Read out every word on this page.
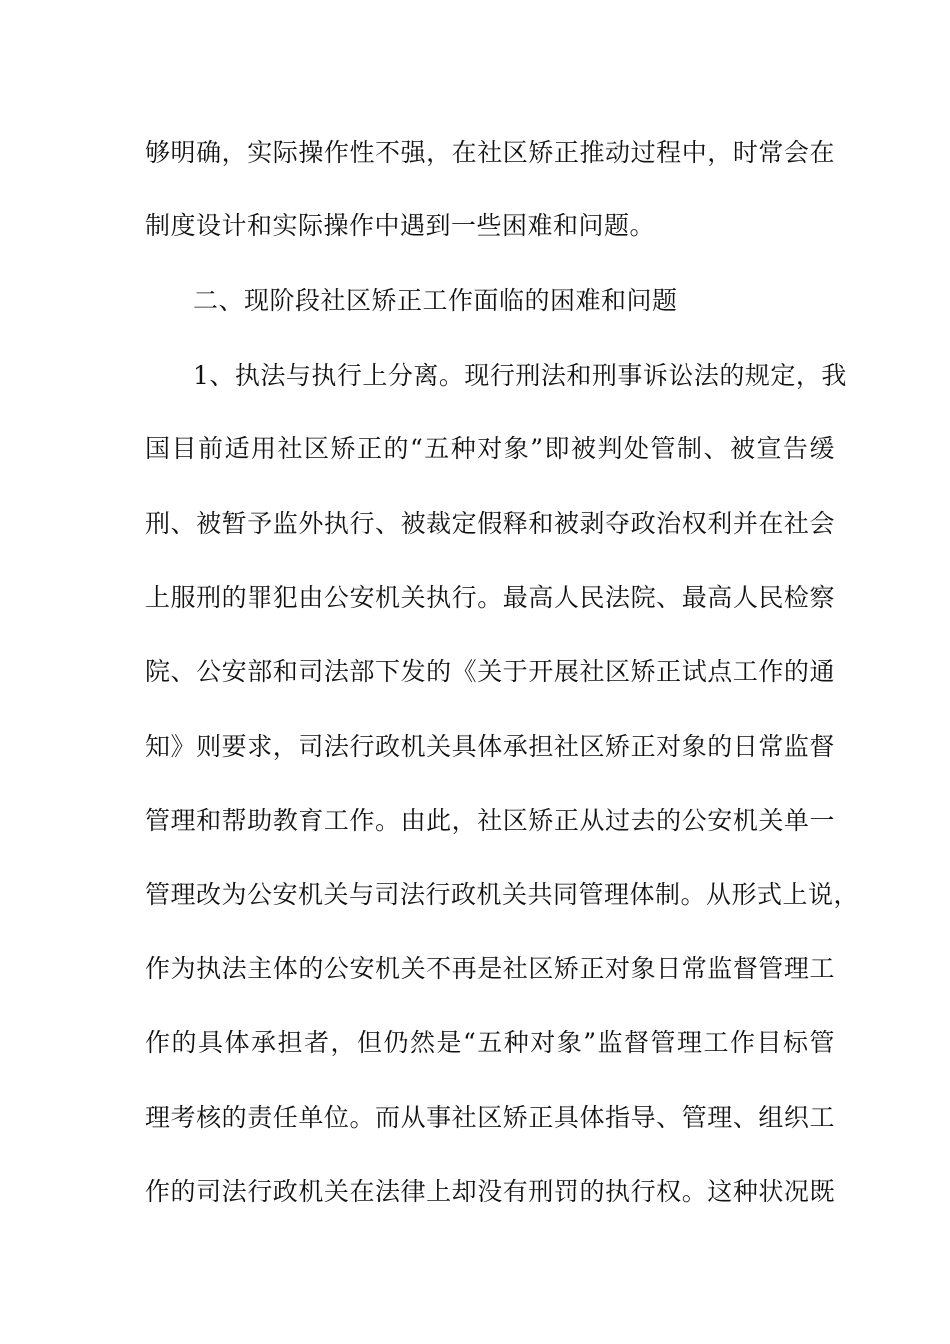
够明确，实际操作性不强，在社区矫正推动过程中，时常会在
制度设计和实际操作中遇到一些困难和问题。
二、现阶段社区矫正工作面临的困难和问题
1、执法与执行上分离。现行刑法和刑事诉讼法的规定，我
国目前适用社区矫正的“五种对象”即被判处管制、被宣告缓
刑、被暂予监外执行、被裁定假释和被剥夺政治权利并在社会
上服刑的罪犯由公安机关执行。最高人民法院、最高人民检察
院、公安部和司法部下发的《关于开展社区矫正试点工作的通
知》则要求，司法行政机关具体承担社区矫正对象的日常监督
管理和帮助教育工作。由此，社区矫正从过去的公安机关单一
管理改为公安机关与司法行政机关共同管理体制。从形式上说，
作为执法主体的公安机关不再是社区矫正对象日常监督管理工
作的具体承担者，但仍然是“五种对象”监督管理工作目标管
理考核的责任单位。而从事社区矫正具体指导、管理、组织工
作的司法行政机关在法律上却没有刑罚的执行权。这种状况既
